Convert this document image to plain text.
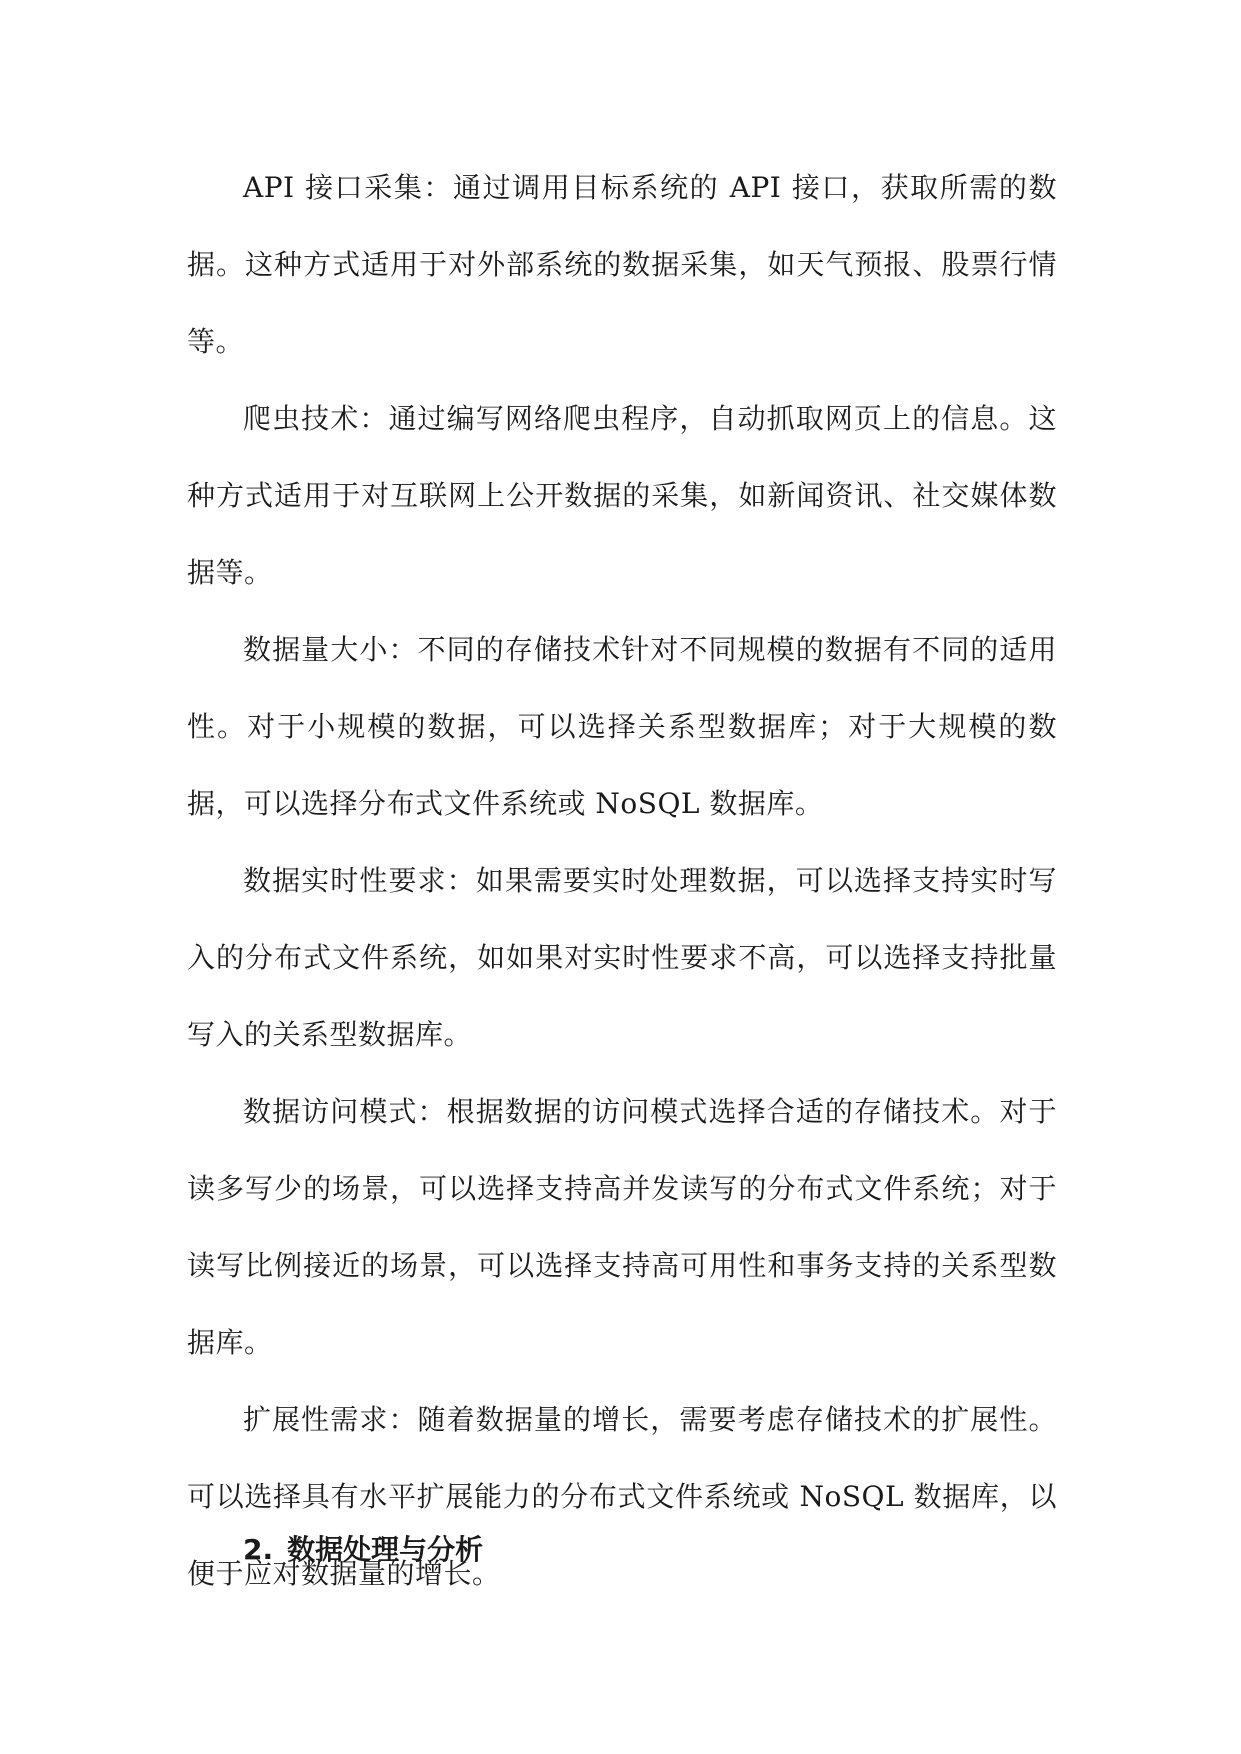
API 接口采集：通过调用目标系统的 API 接口，获取所需的数据。这种方式适用于对外部系统的数据采集，如天气预报、股票行情等。

爬虫技术：通过编写网络爬虫程序，自动抓取网页上的信息。这种方式适用于对互联网上公开数据的采集，如新闻资讯、社交媒体数据等。

数据量大小：不同的存储技术针对不同规模的数据有不同的适用性。对于小规模的数据，可以选择关系型数据库；对于大规模的数据，可以选择分布式文件系统或 NoSQL 数据库。

数据实时性要求：如果需要实时处理数据，可以选择支持实时写入的分布式文件系统，如如果对实时性要求不高，可以选择支持批量写入的关系型数据库。

数据访问模式：根据数据的访问模式选择合适的存储技术。对于读多写少的场景，可以选择支持高并发读写的分布式文件系统；对于读写比例接近的场景，可以选择支持高可用性和事务支持的关系型数据库。

扩展性需求：随着数据量的增长，需要考虑存储技术的扩展性。可以选择具有水平扩展能力的分布式文件系统或 NoSQL 数据库，以便于应对数据量的增长。

2. 数据处理与分析
